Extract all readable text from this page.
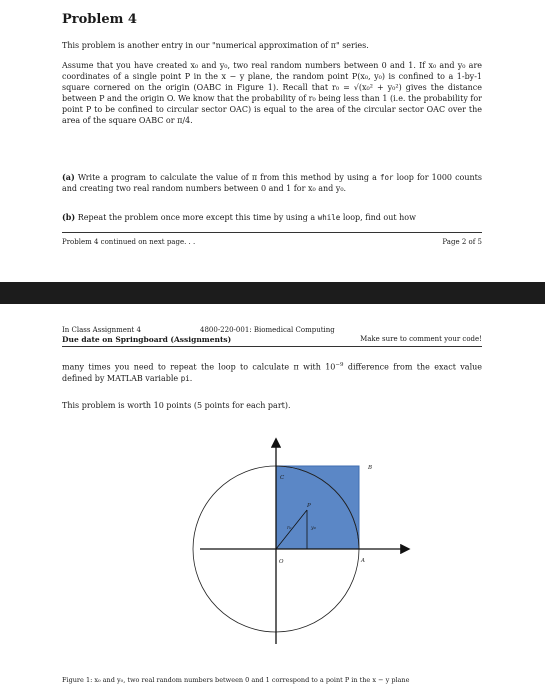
Problem 4
This problem is another entry in our "numerical approximation of π" series.
Assume that you have created x₀ and y₀, two real random numbers between 0 and 1. If x₀ and y₀ are coordinates of a single point P in the x − y plane, the random point P(x₀, y₀) is confined to a 1-by-1 square cornered on the origin (OABC in Figure 1). Recall that r₀ = √(x₀² + y₀²) gives the distance between P and the origin O. We know that the probability of r₀ being less than 1 (i.e. the probability for point P to be confined to circular sector OAC) is equal to the area of the circular sector OAC over the area of the square OABC or π/4.
(a) Write a program to calculate the value of π from this method by using a for loop for 1000 counts and creating two real random numbers between 0 and 1 for x₀ and y₀.
(b) Repeat the problem once more except this time by using a while loop, find out how
Problem 4 continued on next page. . .	Page 2 of 5
In Class Assignment 4
Due date on Springboard (Assignments)
4800-220-001: Biomedical Computing
Make sure to comment your code!
many times you need to repeat the loop to calculate π with $10^{-9}$ difference from the exact value defined by MATLAB variable pi.
This problem is worth 10 points (5 points for each part).
C
B
A
O
P
r₀	y₀
Figure 1: x₀ and y₀, two real random numbers between 0 and 1 correspond to a point P in the x − y plane
